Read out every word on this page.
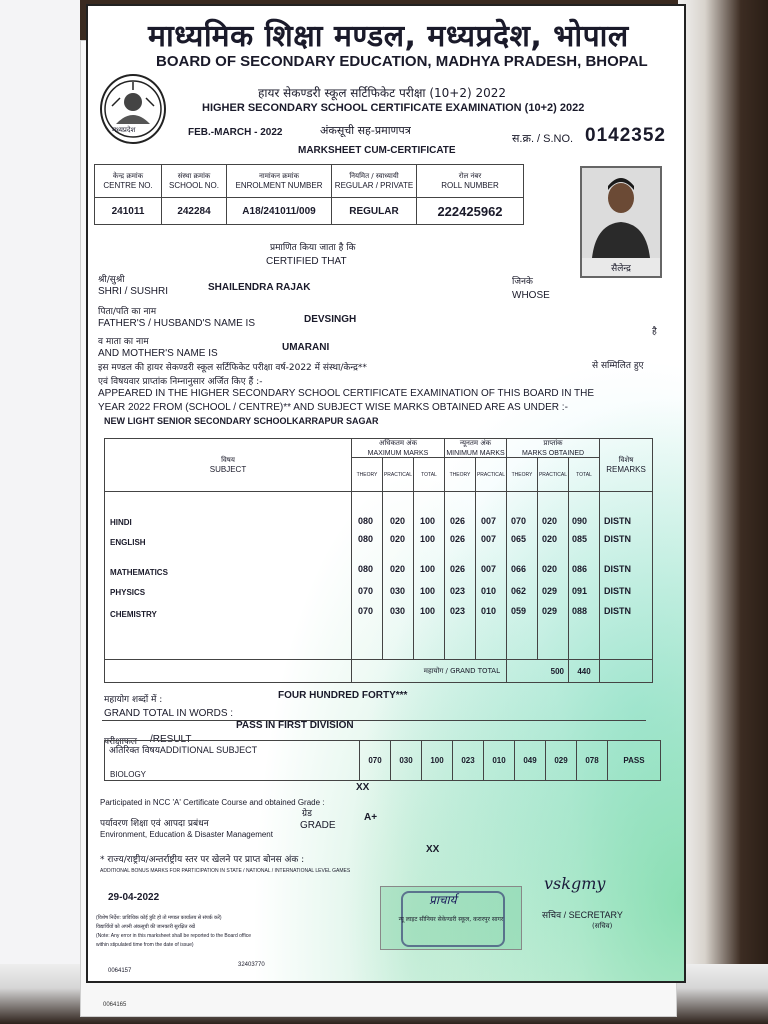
0064165
मध्यप्रदेश
माध्यमिक शिक्षा मण्डल, मध्यप्रदेश, भोपाल
BOARD OF SECONDARY EDUCATION, MADHYA PRADESH, BHOPAL
हायर सेकण्डरी स्कूल सर्टिफिकेट परीक्षा (10+2) 2022
HIGHER SECONDARY SCHOOL CERTIFICATE EXAMINATION (10+2) 2022
FEB.-MARCH - 2022	अंकसूची सह-प्रमाणपत्र
MARKSHEET CUM-CERTIFICATE
स.क्र. / S.NO. 0142352
केन्द्र क्रमांक
CENTRE NO.	संस्था क्रमांक
SCHOOL NO.	नामांकन क्रमांक
ENROLMENT NUMBER	नियमित / स्वाध्यायी
REGULAR / PRIVATE	रोल नंबर
ROLL NUMBER
241011	242284	A18/241011/009	REGULAR	222425962
सैलेन्द्र
प्रमाणित किया जाता है कि
CERTIFIED THAT
श्री/सुश्री
SHRI / SUSHRI	SHAILENDRA RAJAK	जिनके
WHOSE
पिता/पति का नाम
FATHER'S / HUSBAND'S NAME IS	DEVSINGH
है
व माता का नाम
AND MOTHER'S NAME IS
UMARANI
इस मण्डल की हायर सेकण्डरी स्कूल सर्टिफिकेट परीक्षा वर्ष-2022 में संस्था/केन्द्र**	से सम्मिलित हुए
एवं विषयवार प्राप्तांक निम्नानुसार अर्जित किए हैं :-
APPEARED IN THE HIGHER SECONDARY SCHOOL CERTIFICATE EXAMINATION OF THIS BOARD IN THE
YEAR 2022 FROM (SCHOOL / CENTRE)** AND SUBJECT WISE MARKS OBTAINED ARE AS UNDER :-
NEW LIGHT SENIOR SECONDARY SCHOOLKARRAPUR SAGAR
विषय
SUBJECT	अधिकतम अंक
MAXIMUM MARKS			न्यूनतम अंक
MINIMUM MARKS		प्राप्तांक
MARKS OBTAINED			विशेष
REMARKS
	THEORY	PRACTICAL	TOTAL	THEORY	PRACTICAL	THEORY	PRACTICAL	TOTAL	

	महायोग / GRAND TOTAL					500		440	
HINDI	080 020 100 026 007 070 020 090 DISTN
ENGLISH	080 020 100 026 007 065 020 085 DISTN
MATHEMATICS	080 020 100 026 007 066 020 086 DISTN
PHYSICS	070 030 100 023 010 062 029 091 DISTN
CHEMISTRY	070 030 100 023 010 059 029 088 DISTN
महायोग शब्दों में :	FOUR HUNDRED FORTY***
GRAND TOTAL IN WORDS :
PASS IN FIRST DIVISION
परीक्षाफल /RESULT
अतिरिक्त विषयADDITIONAL SUBJECT	070	030	100	023	010	049	029	078	PASS
BIOLOGY
Participated in NCC 'A' Certificate Course and obtained Grade :
XX
पर्यावरण शिक्षा एवं आपदा प्रबंधन
Environment, Education & Disaster Management
ग्रेड
GRADE
A+
* राज्य/राष्ट्रीय/अन्तर्राष्ट्रीय स्तर पर खेलने पर प्राप्त बोनस अंक :
ADDITIONAL BONUS MARKS FOR PARTICIPATION IN STATE / NATIONAL / INTERNATIONAL LEVEL GAMES
XX
29-04-2022
(विशेष निर्देश: प्राविधिक कोई त्रुटि हो तो मण्डल कार्यालय से संपर्क करें)
विद्यार्थियों को अपनी अंकसूची की जानकारी सुरक्षित रखें
(Note: Any error in this marksheet shall be reported to the Board office
within stipulated time from the date of issue)
0064157
32403770
प्राचार्य
न्यू लाइट सीनियर सेकेण्डरी स्कूल, करारपुर सागर
vskgmy
सचिव / SECRETARY
(सचिव)
